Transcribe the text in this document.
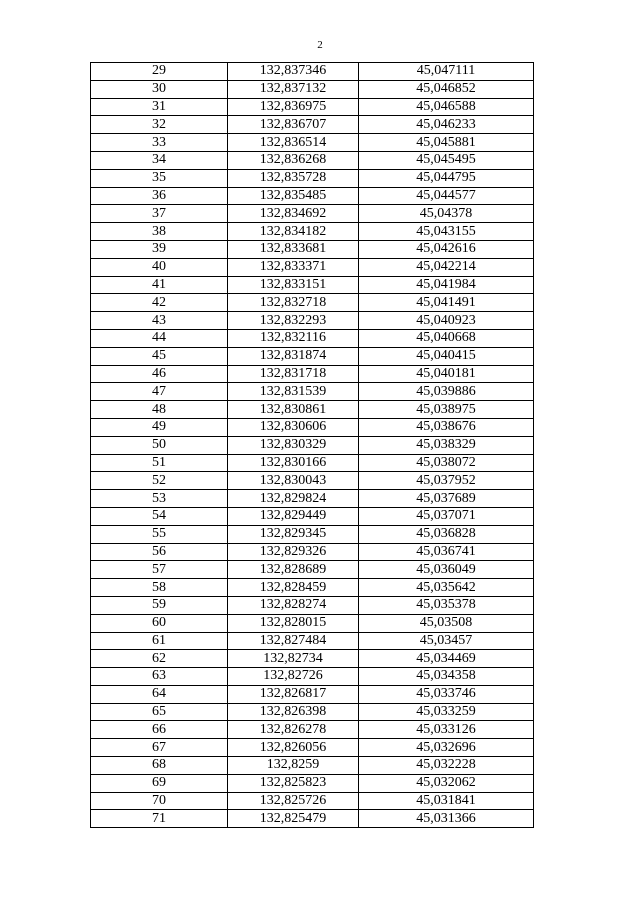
2
29	132,837346	45,047111
30	132,837132	45,046852
31	132,836975	45,046588
32	132,836707	45,046233
33	132,836514	45,045881
34	132,836268	45,045495
35	132,835728	45,044795
36	132,835485	45,044577
37	132,834692	45,04378
38	132,834182	45,043155
39	132,833681	45,042616
40	132,833371	45,042214
41	132,833151	45,041984
42	132,832718	45,041491
43	132,832293	45,040923
44	132,832116	45,040668
45	132,831874	45,040415
46	132,831718	45,040181
47	132,831539	45,039886
48	132,830861	45,038975
49	132,830606	45,038676
50	132,830329	45,038329
51	132,830166	45,038072
52	132,830043	45,037952
53	132,829824	45,037689
54	132,829449	45,037071
55	132,829345	45,036828
56	132,829326	45,036741
57	132,828689	45,036049
58	132,828459	45,035642
59	132,828274	45,035378
60	132,828015	45,03508
61	132,827484	45,03457
62	132,82734	45,034469
63	132,82726	45,034358
64	132,826817	45,033746
65	132,826398	45,033259
66	132,826278	45,033126
67	132,826056	45,032696
68	132,8259	45,032228
69	132,825823	45,032062
70	132,825726	45,031841
71	132,825479	45,031366
